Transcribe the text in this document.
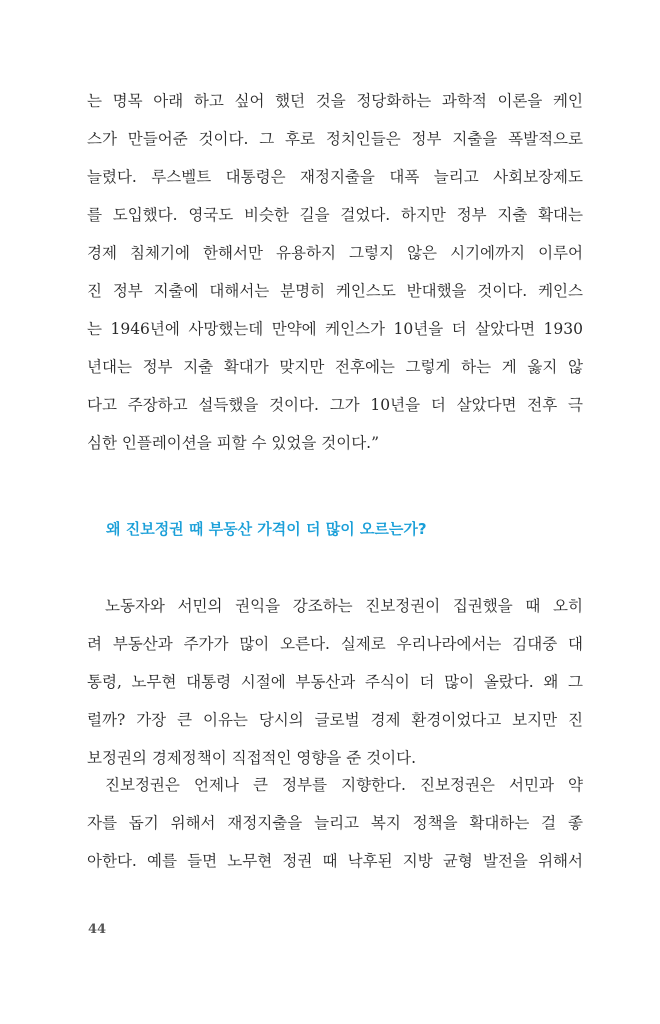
는 명목 아래 하고 싶어 했던 것을 정당화하는 과학적 이론을 케인
스가 만들어준 것이다. 그 후로 정치인들은 정부 지출을 폭발적으로
늘렸다. 루스벨트 대통령은 재정지출을 대폭 늘리고 사회보장제도
를 도입했다. 영국도 비슷한 길을 걸었다. 하지만 정부 지출 확대는
경제 침체기에 한해서만 유용하지 그렇지 않은 시기에까지 이루어
진 정부 지출에 대해서는 분명히 케인스도 반대했을 것이다. 케인스
는 1946년에 사망했는데 만약에 케인스가 10년을 더 살았다면 1930
년대는 정부 지출 확대가 맞지만 전후에는 그렇게 하는 게 옳지 않
다고 주장하고 설득했을 것이다. 그가 10년을 더 살았다면 전후 극
심한 인플레이션을 피할 수 있었을 것이다.”
왜 진보정권 때 부동산 가격이 더 많이 오르는가?
노동자와 서민의 권익을 강조하는 진보정권이 집권했을 때 오히
려 부동산과 주가가 많이 오른다. 실제로 우리나라에서는 김대중 대
통령, 노무현 대통령 시절에 부동산과 주식이 더 많이 올랐다. 왜 그
럴까? 가장 큰 이유는 당시의 글로벌 경제 환경이었다고 보지만 진
보정권의 경제정책이 직접적인 영향을 준 것이다.
진보정권은 언제나 큰 정부를 지향한다. 진보정권은 서민과 약
자를 돕기 위해서 재정지출을 늘리고 복지 정책을 확대하는 걸 좋
아한다. 예를 들면 노무현 정권 때 낙후된 지방 균형 발전을 위해서
44
